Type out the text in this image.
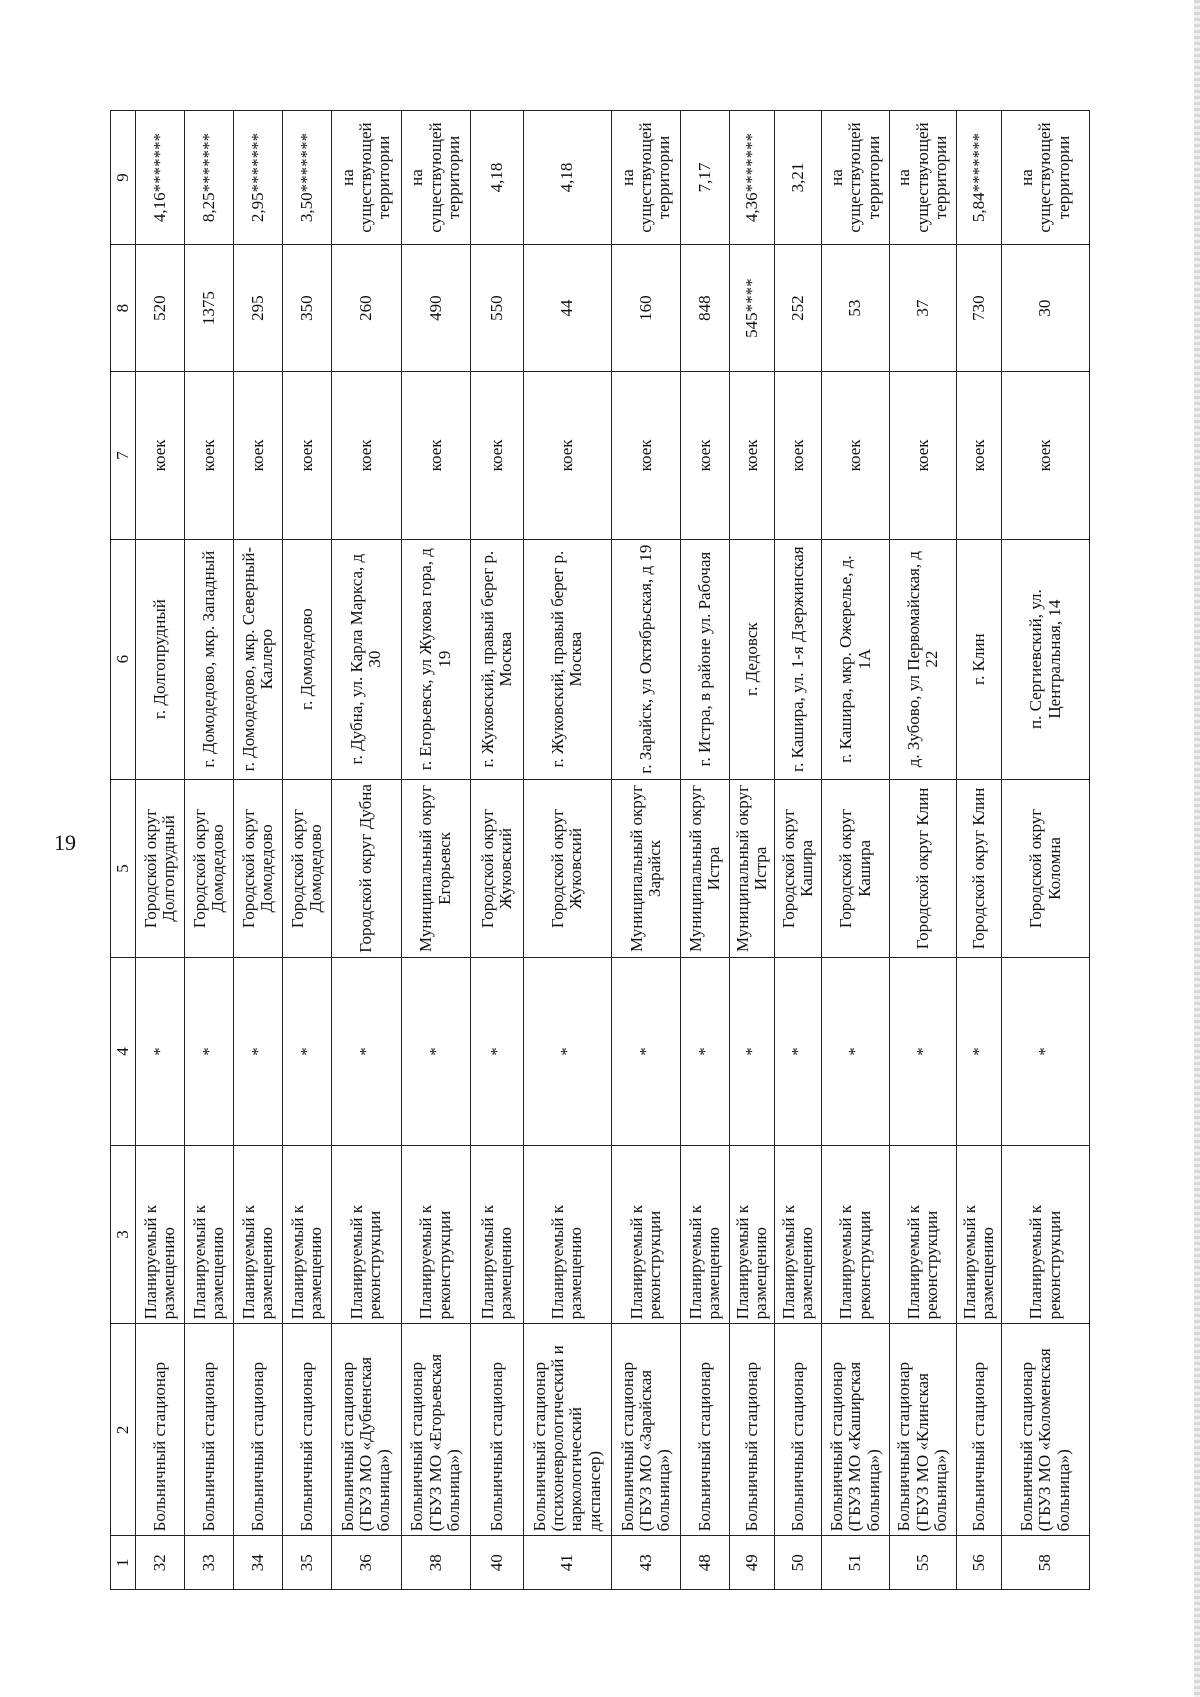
19
1	2	3	4	5	6	7	8	9
32	Больничный стационар	Планируемый к размещению	*	Городской округ Долгопрудный	г. Долгопрудный	коек	520	4,16*******
33	Больничный стационар	Планируемый к размещению	*	Городской округ Домодедово	г. Домодедово, мкр. Западный	коек	1375	8,25*******
34	Больничный стационар	Планируемый к размещению	*	Городской округ Домодедово	г. Домодедово, мкр. Северный-Каллеро	коек	295	2,95*******
35	Больничный стационар	Планируемый к размещению	*	Городской округ Домодедово	г. Домодедово	коек	350	3,50*******
36	Больничный стационар (ГБУЗ МО «Дубненская больница»)	Планируемый к реконструкции	*	Городской округ Дубна	г. Дубна, ул. Карла Маркса, д 30	коек	260	на существующей территории
38	Больничный стационар (ГБУЗ МО «Егорьевская больница»)	Планируемый к реконструкции	*	Муниципальный округ Егорьевск	г. Егорьевск, ул Жукова гора, д 19	коек	490	на существующей территории
40	Больничный стационар	Планируемый к размещению	*	Городской округ Жуковский	г. Жуковский, правый берег р. Москва	коек	550	4,18
41	Больничный стационар (психоневрологический и наркологический диспансер)	Планируемый к размещению	*	Городской округ Жуковский	г. Жуковский, правый берег р. Москва	коек	44	4,18
43	Больничный стационар (ГБУЗ МО «Зарайская больница»)	Планируемый к реконструкции	*	Муниципальный округ Зарайск	г. Зарайск, ул Октябрьская, д 19	коек	160	на существующей территории
48	Больничный стационар	Планируемый к размещению	*	Муниципальный округ Истра	г. Истра, в районе ул. Рабочая	коек	848	7,17
49	Больничный стационар	Планируемый к размещению	*	Муниципальный округ Истра	г. Дедовск	коек	545****	4,36*******
50	Больничный стационар	Планируемый к размещению	*	Городской округ Кашира	г. Кашира, ул. 1-я Дзержинская	коек	252	3,21
51	Больничный стационар (ГБУЗ МО «Каширская больница»)	Планируемый к реконструкции	*	Городской округ Кашира	г. Кашира, мкр. Ожерелье, д. 1А	коек	53	на существующей территории
55	Больничный стационар (ГБУЗ МО «Клинская больница»)	Планируемый к реконструкции	*	Городской округ Клин	д. Зубово, ул Первомайская, д 22	коек	37	на существующей территории
56	Больничный стационар	Планируемый к размещению	*	Городской округ Клин	г. Клин	коек	730	5,84*******
58	Больничный стационар (ГБУЗ МО «Коломенская больница»)	Планируемый к реконструкции	*	Городской округ Коломна	п. Сергиевский, ул. Центральная, 14	коек	30	на существующей территории
